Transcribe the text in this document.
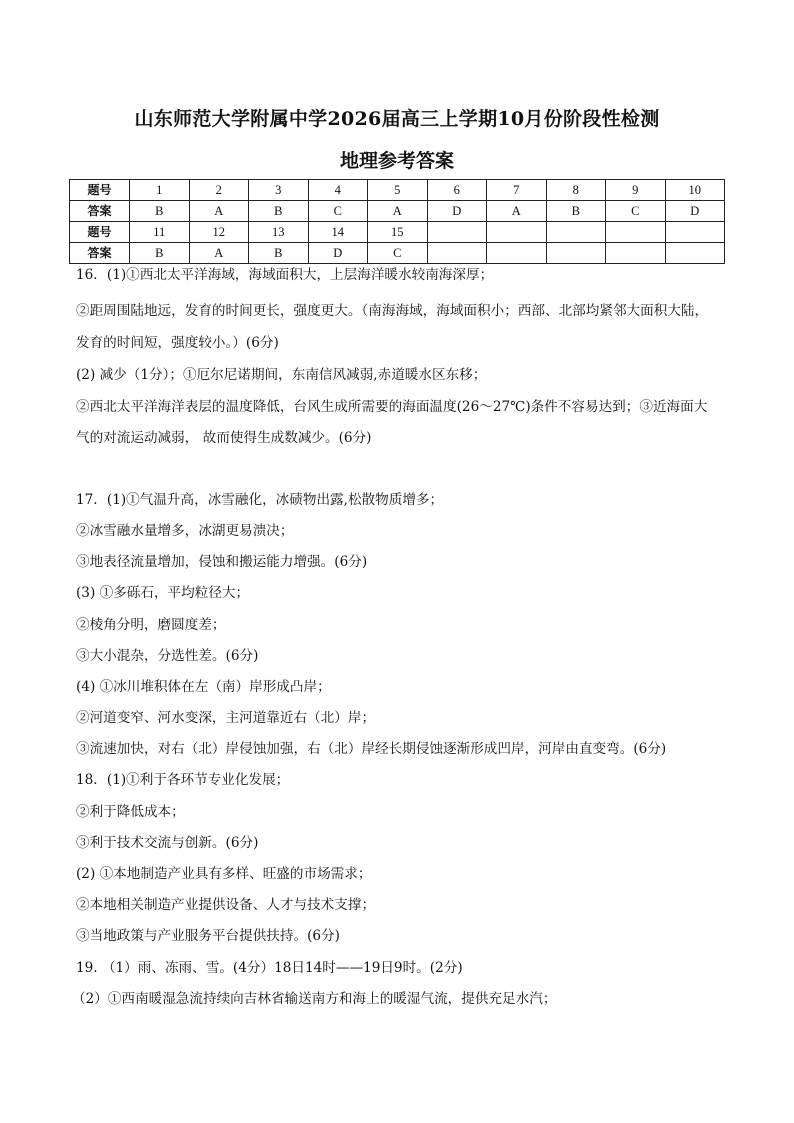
山东师范大学附属中学2026届高三上学期10月份阶段性检测
地理参考答案
题号	1	2	3	4	5	6	7	8	9	10
答案	B	A	B	C	A	D	A	B	C	D
题号	11	12	13	14	15					
答案	B	A	B	D	C					
16．(1)①西北太平洋海域，海域面积大，上层海洋暖水较南海深厚；
②距周围陆地远，发育的时间更长，强度更大。（南海海域，海域面积小；西部、北部均紧邻大面积大陆，
发育的时间短，强度较小。）(6分)
(2) 减少（1分）；①厄尔尼诺期间，东南信风减弱,赤道暖水区东移；
②西北太平洋海洋表层的温度降低，台风生成所需要的海面温度(26～27℃)条件不容易达到；③近海面大
气的对流运动减弱， 故而使得生成数减少。(6分)
17．(1)①气温升高，冰雪融化，冰碛物出露,松散物质增多；
②冰雪融水量增多，冰湖更易溃决；
③地表径流量增加，侵蚀和搬运能力增强。(6分)
(3) ①多砾石，平均粒径大；
②棱角分明，磨圆度差；
③大小混杂，分选性差。(6分)
(4) ①冰川堆积体在左（南）岸形成凸岸；
②河道变窄、河水变深，主河道靠近右（北）岸；
③流速加快，对右（北）岸侵蚀加强，右（北）岸经长期侵蚀逐渐形成凹岸，河岸由直变弯。(6分)
18．(1)①利于各环节专业化发展；
②利于降低成本；
③利于技术交流与创新。(6分)
(2) ①本地制造产业具有多样、旺盛的市场需求；
②本地相关制造产业提供设备、人才与技术支撑；
③当地政策与产业服务平台提供扶持。(6分)
19. （1）雨、冻雨、雪。(4分）18日14时——19日9时。(2分)
（2）①西南暖湿急流持续向吉林省输送南方和海上的暖湿气流，提供充足水汽；
